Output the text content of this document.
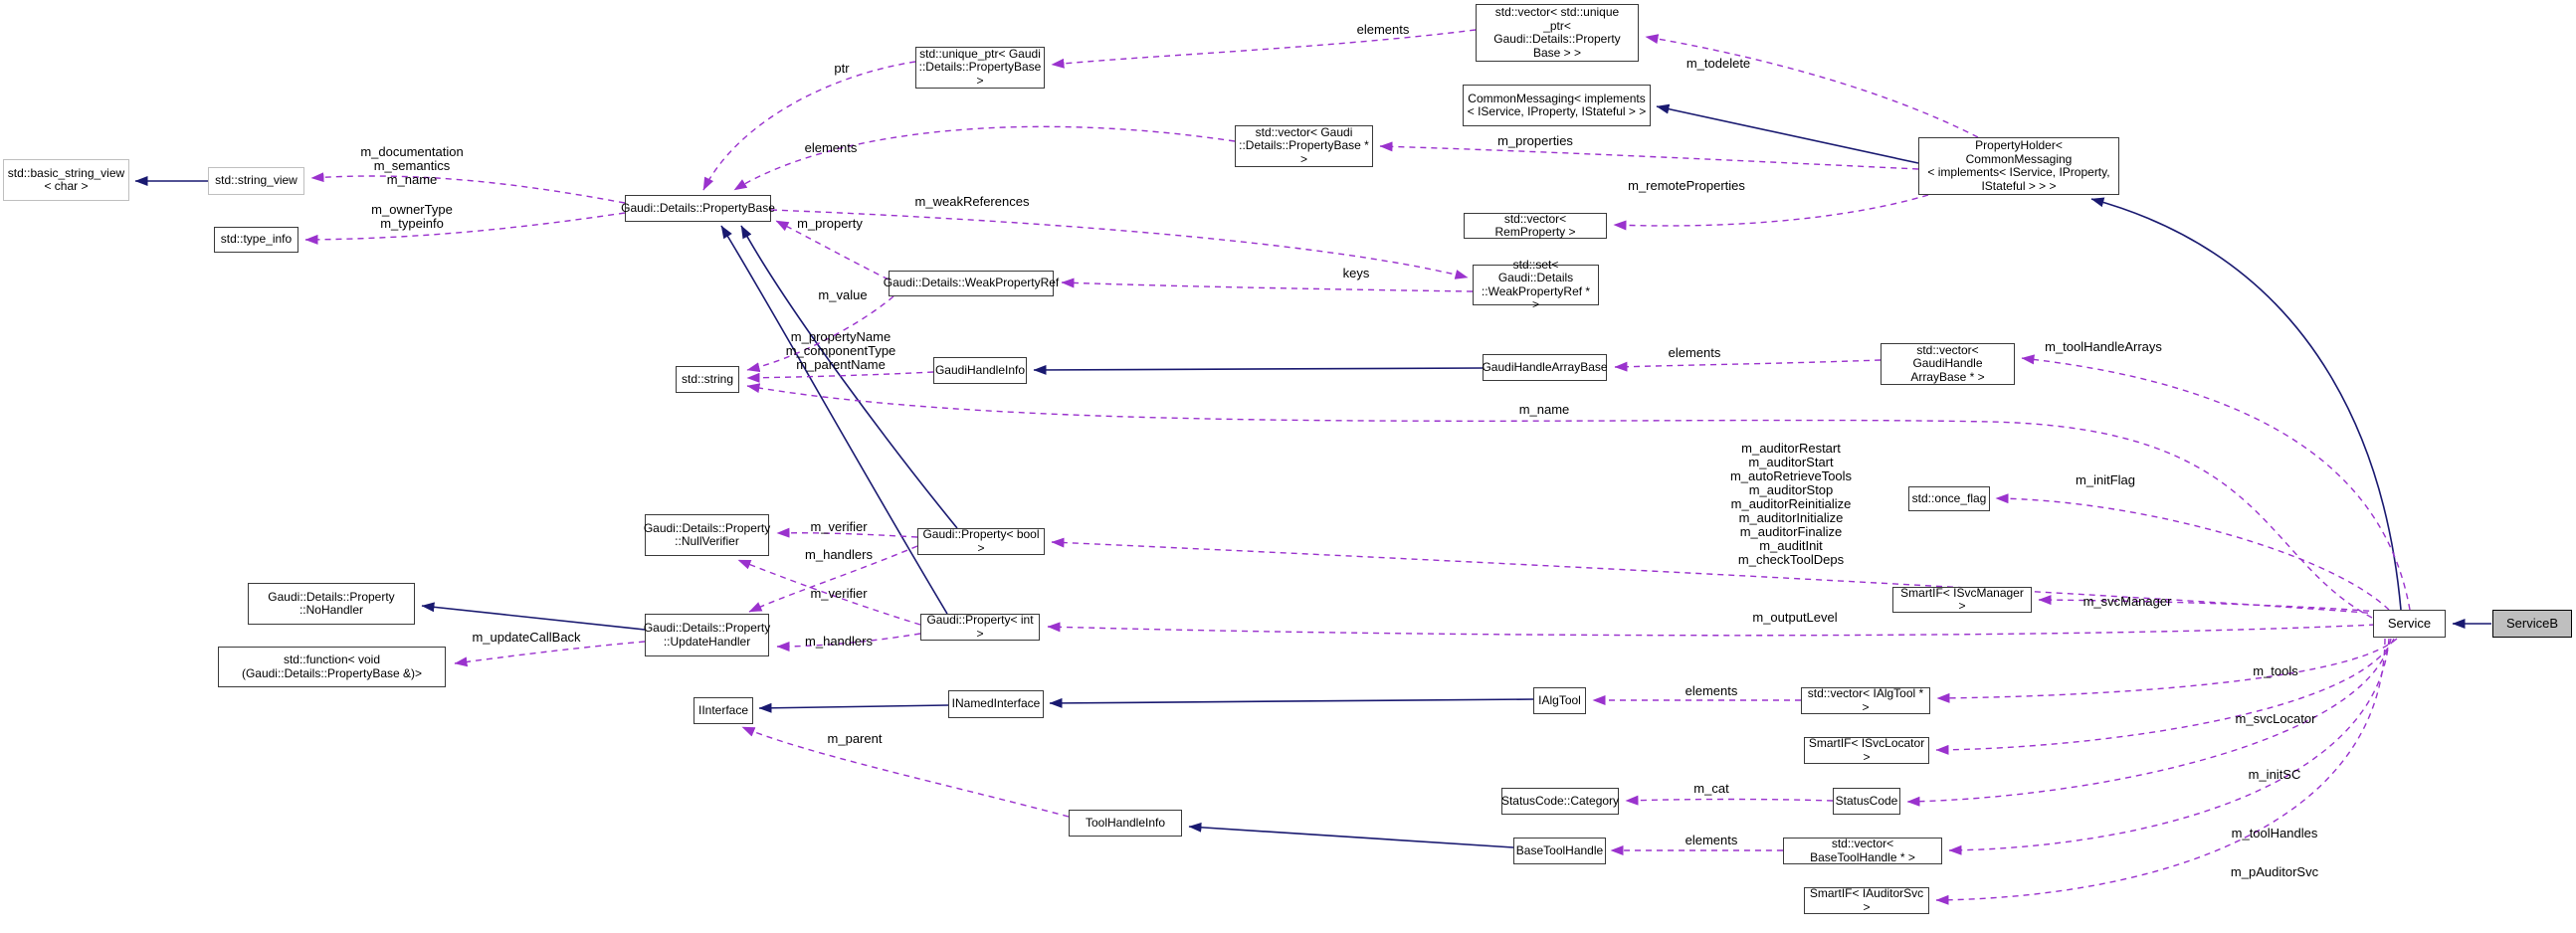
std::basic_string_view
< char >	std::string_view
std::type_info
Gaudi::Details::PropertyBase
std::unique_ptr< Gaudi
::Details::PropertyBase >
std::vector< std::unique
_ptr< Gaudi::Details::Property
Base > >
CommonMessaging< implements
< IService, IProperty, IStateful > >
PropertyHolder< CommonMessaging
< implements< IService, IProperty,
IStateful > > >
std::vector< Gaudi
::Details::PropertyBase * >
std::vector< RemProperty >
Gaudi::Details::WeakPropertyRef
std::set< Gaudi::Details
::WeakPropertyRef * >
std::string
GaudiHandleInfo	GaudiHandleArrayBase
std::vector< GaudiHandle
ArrayBase * >
std::once_flag
Gaudi::Details::Property
::NullVerifier	Gaudi::Property< bool >
Gaudi::Details::Property
::NoHandler
Gaudi::Details::Property
::UpdateHandler
std::function< void
(Gaudi::Details::PropertyBase &)>
Gaudi::Property< int >
SmartIF< ISvcManager >
Service	ServiceB
IInterface	INamedInterface	IAlgTool	std::vector< IAlgTool * >
SmartIF< ISvcLocator >
StatusCode::Category	StatusCode
ToolHandleInfo
BaseToolHandle	std::vector< BaseToolHandle * >
SmartIF< IAuditorSvc >
ptr
elements
m_todelete
elements
m_documentation
m_semantics
m_name
m_ownerType
m_typeinfo
m_properties
m_remoteProperties
m_weakReferences
m_property
keys
m_value
m_propertyName
m_componentType
m_parentName
elements	m_toolHandleArrays
m_name
m_auditorRestart
m_auditorStart
m_autoRetrieveTools
m_auditorStop
m_auditorReinitialize
m_auditorInitialize
m_auditorFinalize
m_auditInit
m_checkToolDeps
m_initFlag
m_svcManager
m_outputLevel
m_tools
m_svcLocator
m_initSC
m_toolHandles
m_pAuditorSvc
m_parent
elements
m_cat
elements
m_updateCallBack
m_verifier
m_handlers
m_verifier
m_handlers
